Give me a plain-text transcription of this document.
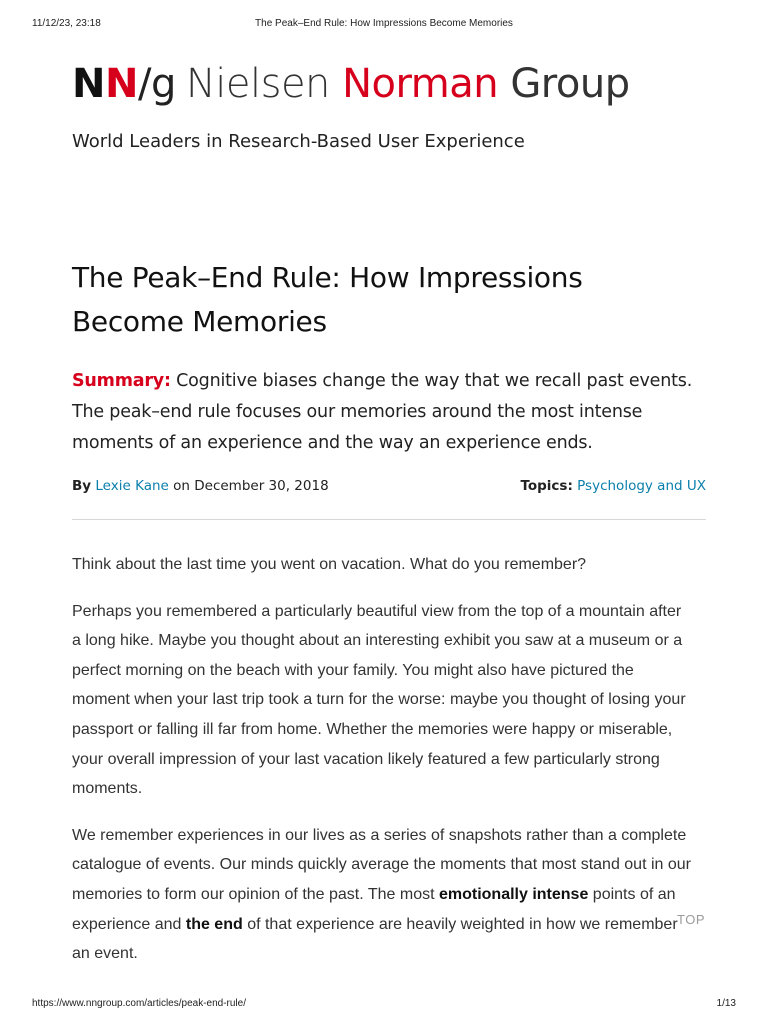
11/12/23, 23:18	The Peak–End Rule: How Impressions Become Memories
NN/g Nielsen Norman Group
World Leaders in Research-Based User Experience
The Peak–End Rule: How Impressions Become Memories

Summary: Cognitive biases change the way that we recall past events. The peak–end rule focuses our memories around the most intense moments of an experience and the way an experience ends.

By Lexie Kane on December 30, 2018	Topics: Psychology and UX

Think about the last time you went on vacation. What do you remember?

Perhaps you remembered a particularly beautiful view from the top of a mountain after a long hike. Maybe you thought about an interesting exhibit you saw at a museum or a perfect morning on the beach with your family. You might also have pictured the moment when your last trip took a turn for the worse: maybe you thought of losing your passport or falling ill far from home. Whether the memories were happy or miserable, your overall impression of your last vacation likely featured a few particularly strong moments.

We remember experiences in our lives as a series of snapshots rather than a complete catalogue of events. Our minds quickly average the moments that most stand out in our memories to form our opinion of the past. The most emotionally intense points of an experience and the end of that experience are heavily weighted in how we remember an event.

TOP
https://www.nngroup.com/articles/peak-end-rule/	1/13
